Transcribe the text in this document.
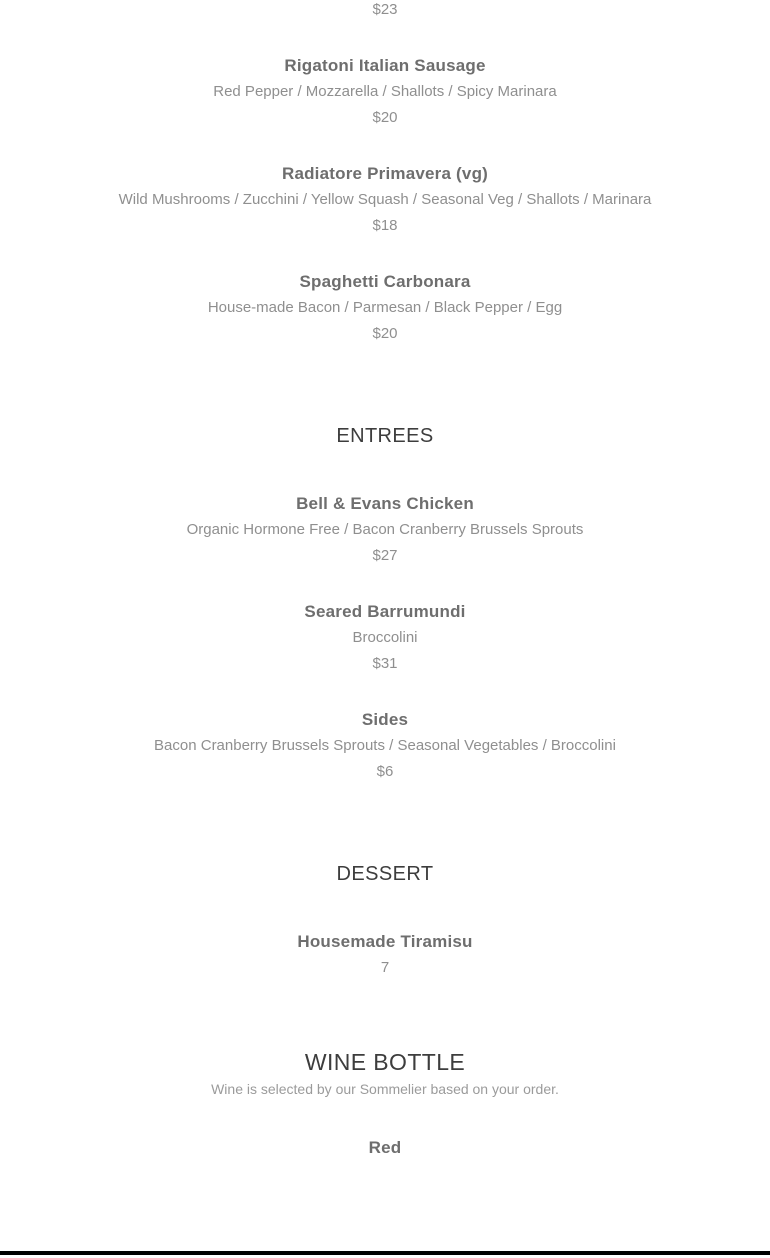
$23
Rigatoni Italian Sausage
Red Pepper / Mozzarella / Shallots / Spicy Marinara
$20
Radiatore Primavera (vg)
Wild Mushrooms / Zucchini / Yellow Squash / Seasonal Veg / Shallots / Marinara
$18
Spaghetti Carbonara
House-made Bacon / Parmesan / Black Pepper / Egg
$20
ENTREES
Bell & Evans Chicken
Organic Hormone Free / Bacon Cranberry Brussels Sprouts
$27
Seared Barrumundi
Broccolini
$31
Sides
Bacon Cranberry Brussels Sprouts / Seasonal Vegetables / Broccolini
$6
DESSERT
Housemade Tiramisu
7
WINE BOTTLE
Wine is selected by our Sommelier based on your order.
Red
